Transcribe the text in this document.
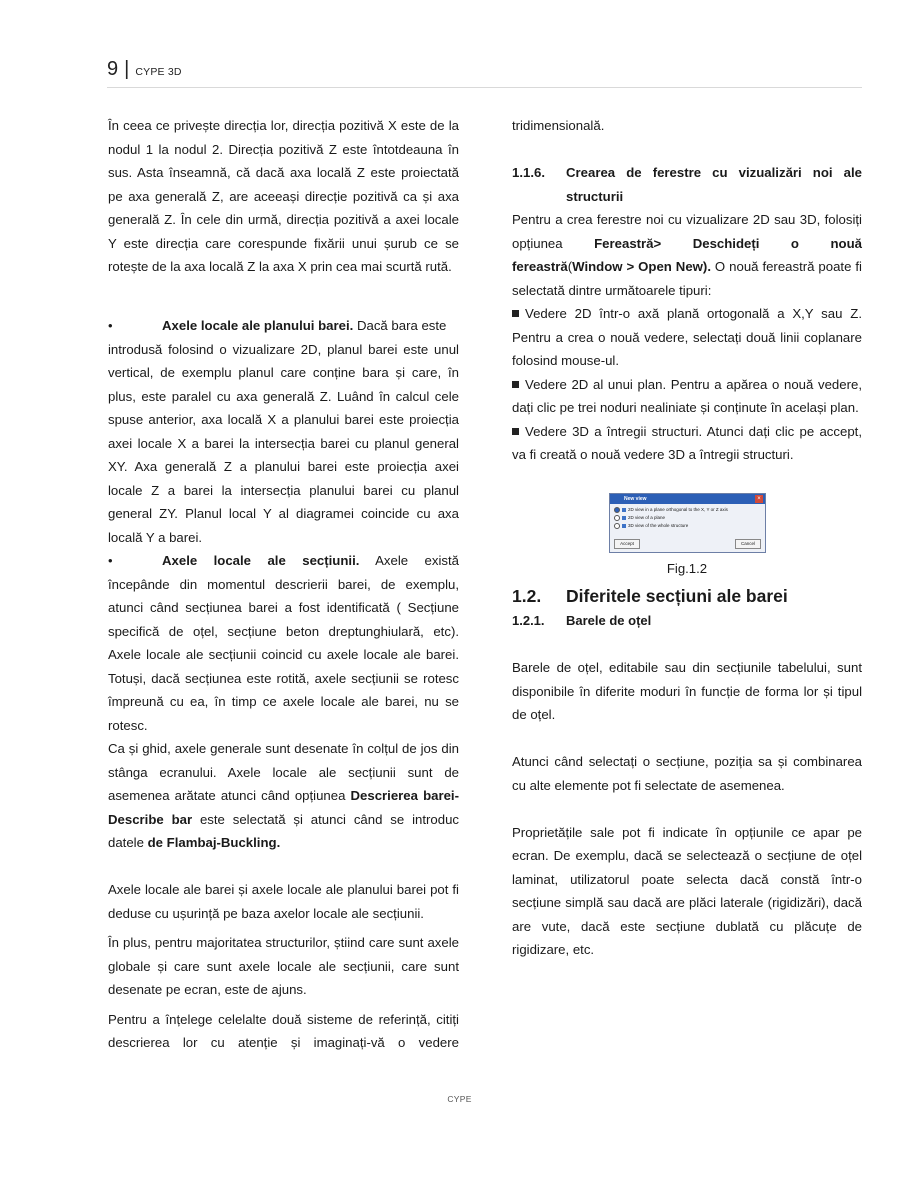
9 | CYPE 3D

În ceea ce privește direcția lor, direcția pozitivă X este de la nodul 1 la nodul 2. Direcția pozitivă Z este întotdeauna în sus. Asta înseamnă, că dacă axa locală Z este proiectată pe axa generală Z, are aceeași direcție pozitivă ca și axa generală Z. În cele din urmă, direcția pozitivă a axei locale Y este direcția care corespunde fixării unui șurub ce se rotește de la axa locală Z la axa X prin cea mai scurtă rută.

•	Axele locale ale planului barei. Dacă bara este

introdusă folosind o vizualizare 2D, planul barei este unul vertical, de exemplu planul care conține bara și care, în plus, este paralel cu axa generală Z. Luând în calcul cele spuse anterior, axa locală X a planului barei este proiecția axei locale X a barei la intersecția barei cu planul general XY. Axa generală Z a planului barei este proiecția axei locale Z a barei la intersecția planului barei cu planul general ZY. Planul local Y al diagramei coincide cu axa locală Y a barei.

•	Axele locale ale secțiunii. Axele există

începânde din momentul descrierii barei, de exemplu, atunci când secțiunea barei a fost identificată ( Secțiune specifică de oțel, secțiune beton dreptunghiulară, etc). Axele locale ale secțiunii coincid cu axele locale ale barei. Totuși, dacă secțiunea este rotită, axele secțiunii se rotesc împreună cu ea, în timp ce axele locale ale barei, nu se rotesc.

Ca și ghid, axele generale sunt desenate în colțul de jos din stânga ecranului. Axele locale ale secțiunii sunt de asemenea arătate atunci când opțiunea Descrierea barei-Describe bar este selectată și atunci când se introduc datele de Flambaj-Buckling.

Axele locale ale barei și axele locale ale planului barei pot fi deduse cu ușurință pe baza axelor locale ale secțiunii.

În plus, pentru majoritatea structurilor, știind care sunt axele globale și care sunt axele locale ale secțiunii, care sunt desenate pe ecran, este de ajuns.

Pentru a înțelege celelalte două sisteme de referință, citiți descrierea lor cu atenție și imaginați-vă o vedere

tridimensională.

1.1.6.	Crearea de ferestre cu vizualizări noi ale structurii

Pentru a crea ferestre noi cu vizualizare 2D sau 3D, folosiți opțiunea Fereastră> Deschideți o nouă fereastră(Window > Open New). O nouă fereastră poate fi selectată dintre următoarele tipuri:

Vedere 2D într-o axă plană ortogonală a X,Y sau Z. Pentru a crea o nouă vedere, selectați două linii coplanare folosind mouse-ul.

Vedere 2D al unui plan. Pentru a apărea o nouă vedere, dați clic pe trei noduri nealiniate și conținute în același plan.

Vedere 3D a întregii structuri. Atunci dați clic pe accept, va fi creată o nouă vedere 3D a întregii structuri.

New view	×
2D view in a plane orthogonal to the X, Y or Z axis
2D view of a plane
3D view of the whole structure
Accept	Cancel
Fig.1.2
1.2. Diferitele secțiuni ale barei
1.2.1. Barele de oțel

Barele de oțel, editabile sau din secțiunile tabelului, sunt disponibile în diferite moduri în funcție de forma lor și tipul de oțel.

Atunci când selectați o secțiune, poziția sa și combinarea cu alte elemente pot fi selectate de asemenea.

Proprietățile sale pot fi indicate în opțiunile ce apar pe ecran. De exemplu, dacă se selectează o secțiune de oțel laminat, utilizatorul poate selecta dacă constă într-o secțiune simplă sau dacă are plăci laterale (rigidizări), dacă are vute, dacă este secțiune dublată cu plăcuțe de rigidizare, etc.

CYPE
